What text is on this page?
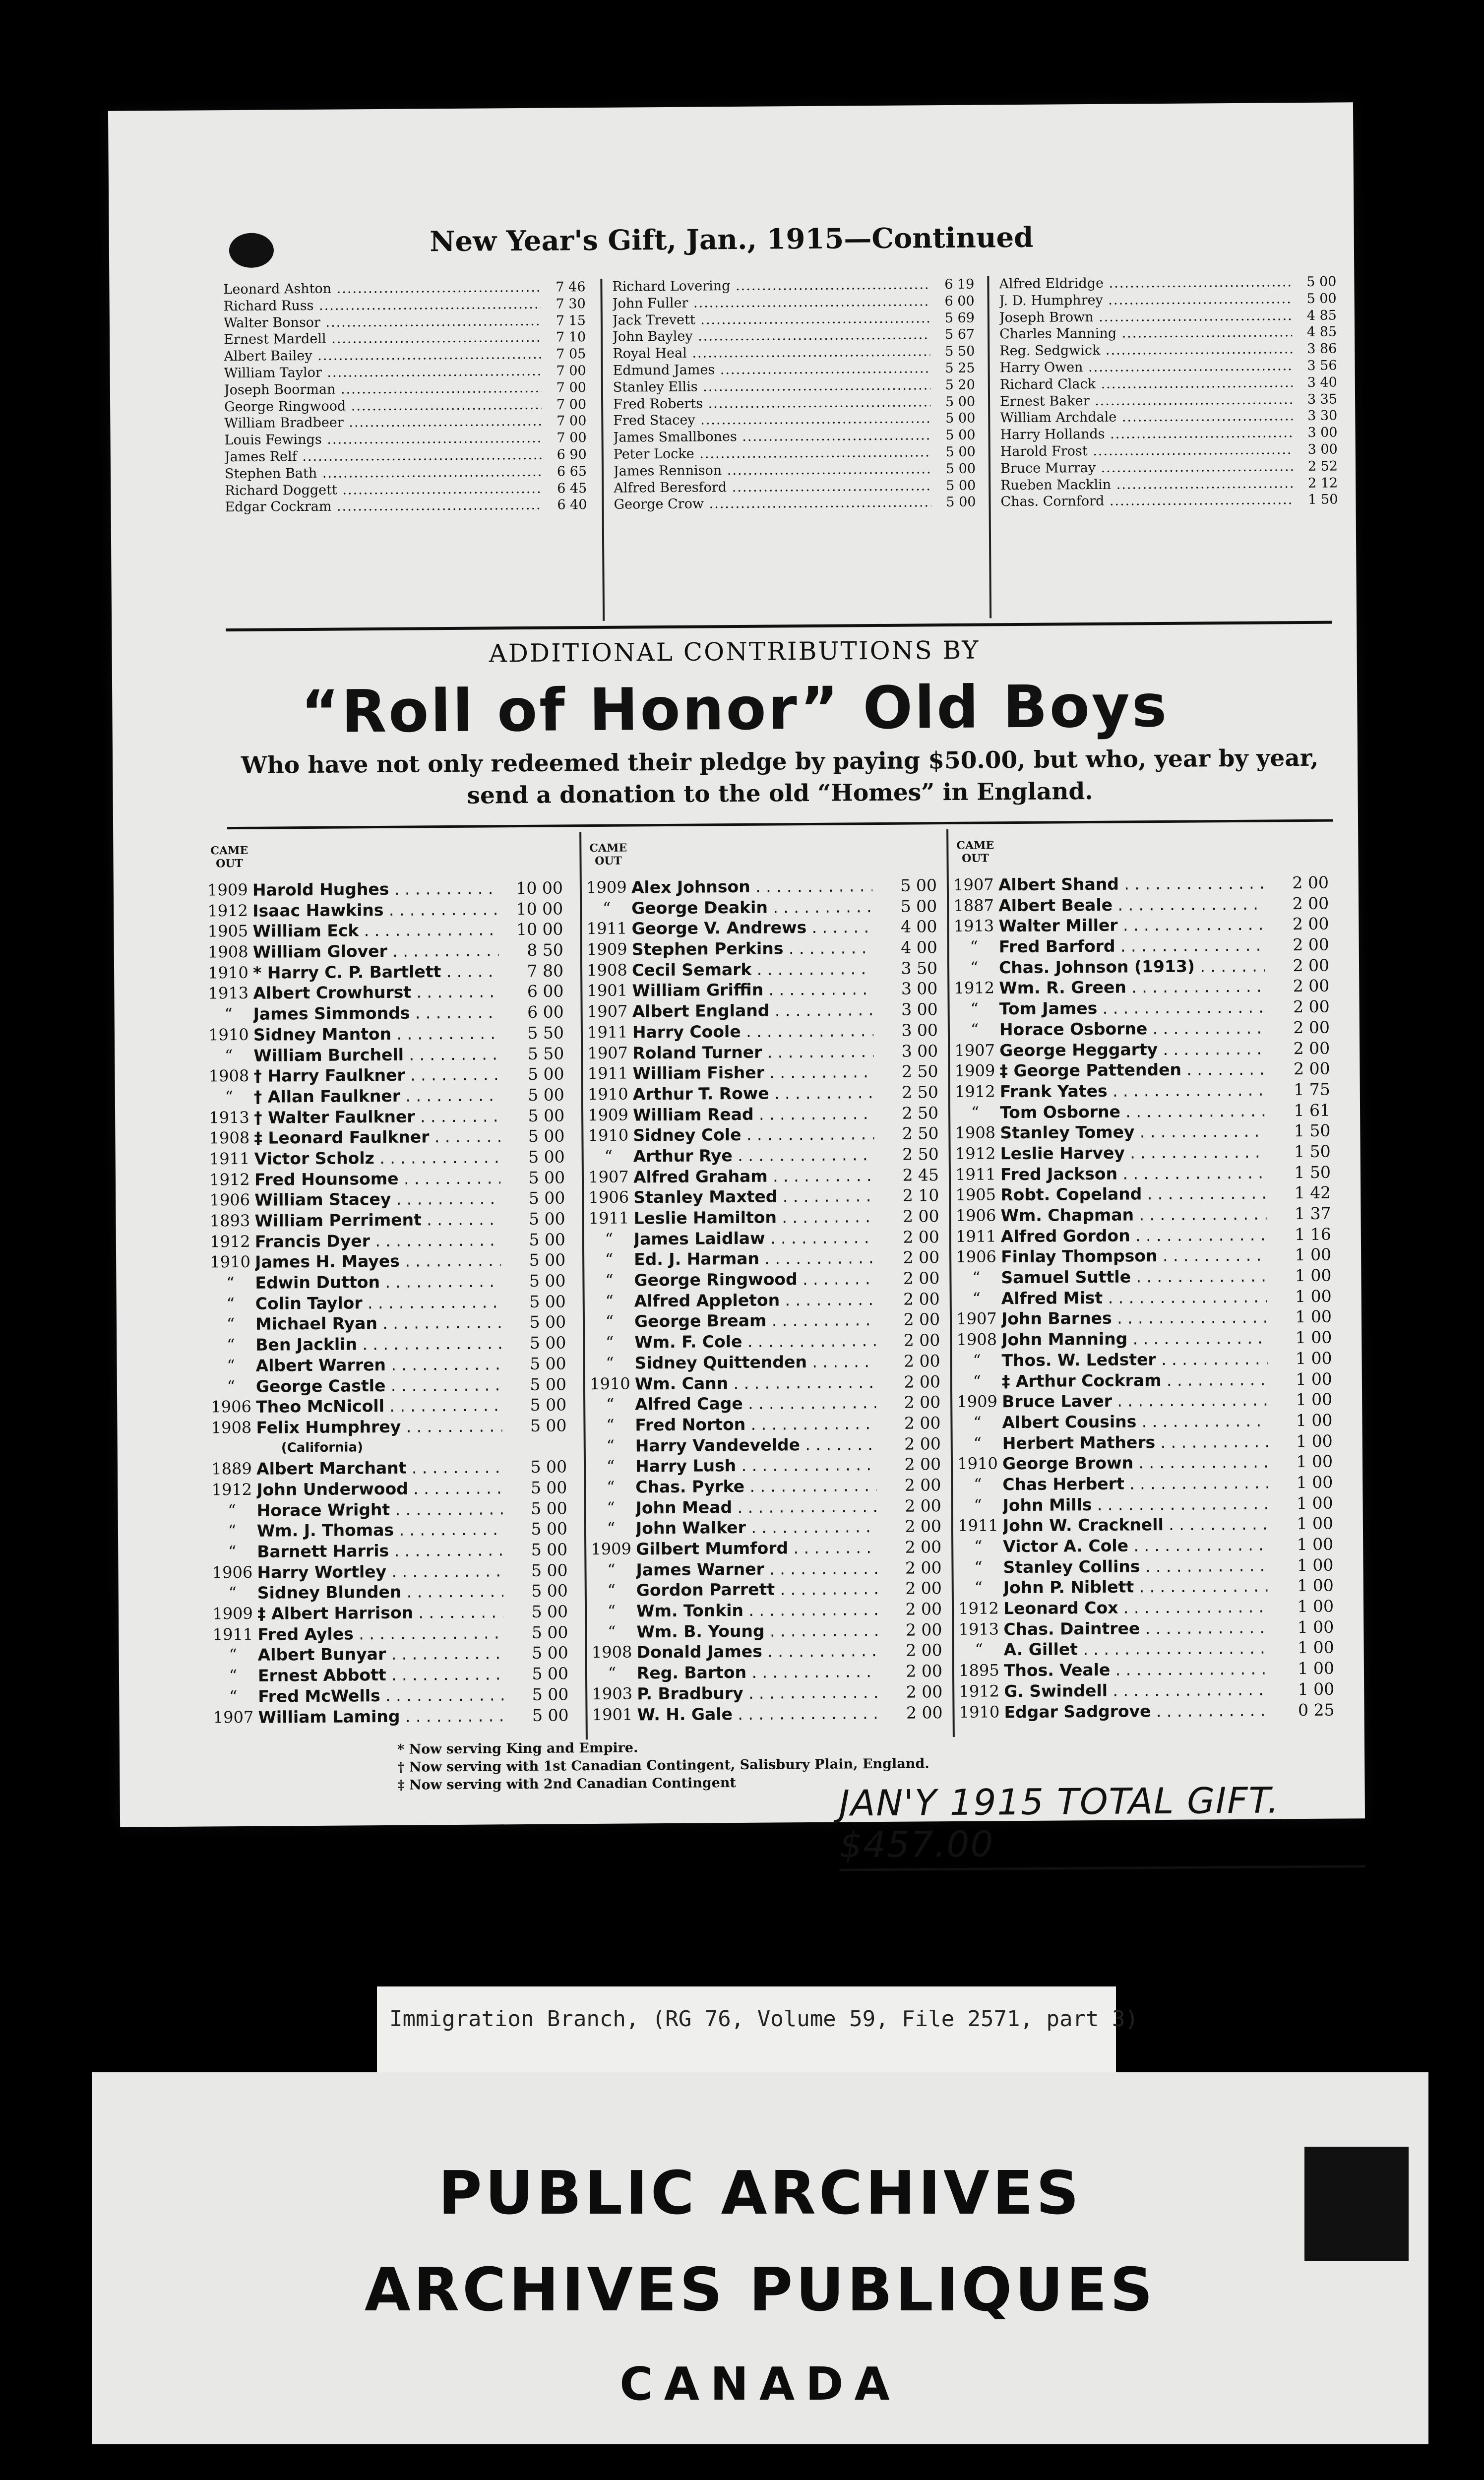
New Year's Gift, Jan., 1915—Continued
Leonard Ashton .....	7 46
Richard Russ .....	7 30
Walter Bonsor .....	7 15
Ernest Mardell .....	7 10
Albert Bailey .....	7 05
William Taylor .....	7 00
Joseph Boorman .....	7 00
George Ringwood .....	7 00
William Bradbeer .....	7 00
Louis Fewings .....	7 00
James Relf .....	6 90
Stephen Bath .....	6 65
Richard Doggett .....	6 45
Edgar Cockram .....	6 40
Richard Lovering .....	6 19
John Fuller .....	6 00
Jack Trevett .....	5 69
John Bayley .....	5 67
Royal Heal .....	5 50
Edmund James .....	5 25
Stanley Ellis .....	5 20
Fred Roberts .....	5 00
Fred Stacey .....	5 00
James Smallbones .....	5 00
Peter Locke .....	5 00
James Rennison .....	5 00
Alfred Beresford .....	5 00
George Crow .....	5 00
Alfred Eldridge .....	5 00
J. D. Humphrey .....	5 00
Joseph Brown .....	4 85
Charles Manning .....	4 85
Reg. Sedgwick .....	3 86
Harry Owen .....	3 56
Richard Clack .....	3 40
Ernest Baker .....	3 35
William Archdale .....	3 30
Harry Hollands .....	3 00
Harold Frost .....	3 00
Bruce Murray .....	2 52
Rueben Macklin .....	2 12
Chas. Cornford .....	1 50
ADDITIONAL CONTRIBUTIONS BY
“Roll of Honor” Old Boys
Who have not only redeemed their pledge by paying $50.00, but who, year by year, send a donation to the old “Homes” in England.
CAME
OUT
1909 Harold Hughes . . .	10 00
1912 Isaac Hawkins . . .	10 00
1905 William Eck . . .	10 00
1908 William Glover . . .	8 50
1910 * Harry C. P. Bartlett . . .	7 80
1913 Albert Crowhurst . . .	6 00
“	James Simmonds . . .	6 00
1910 Sidney Manton . . .	5 50
“	William Burchell . . .	5 50
1908 † Harry Faulkner . . .	5 00
“	† Allan Faulkner . . .	5 00
1913 † Walter Faulkner . . .	5 00
1908 ‡ Leonard Faulkner . . .	5 00
1911 Victor Scholz . . .	5 00
1912 Fred Hounsome . . .	5 00
1906 William Stacey . . .	5 00
1893 William Perriment . . .	5 00
1912 Francis Dyer . . .	5 00
1910 James H. Mayes . . .	5 00
“	Edwin Dutton . . .	5 00
“	Colin Taylor . . .	5 00
“	Michael Ryan . . .	5 00
“	Ben Jacklin . . .	5 00
“	Albert Warren . . .	5 00
“	George Castle . . .	5 00
1906 Theo McNicoll . . .	5 00
1908 Felix Humphrey . . .	5 00
(California)
1889 Albert Marchant . . .	5 00
1912 John Underwood . . .	5 00
“	Horace Wright . . .	5 00
“	Wm. J. Thomas . . .	5 00
“	Barnett Harris . . .	5 00
1906 Harry Wortley . . .	5 00
“	Sidney Blunden . . .	5 00
1909 ‡ Albert Harrison . . .	5 00
1911 Fred Ayles . . .	5 00
“	Albert Bunyar . . .	5 00
“	Ernest Abbott . . .	5 00
“	Fred McWells . . .	5 00
1907 William Laming . . .	5 00
CAME
OUT
1909 Alex Johnson . . .	5 00
“	George Deakin . . .	5 00
1911 George V. Andrews . . .	4 00
1909 Stephen Perkins . . .	4 00
1908 Cecil Semark . . .	3 50
1901 William Griffin . . .	3 00
1907 Albert England . . .	3 00
1911 Harry Coole . . .	3 00
1907 Roland Turner . . .	3 00
1911 William Fisher . . .	2 50
1910 Arthur T. Rowe . . .	2 50
1909 William Read . . .	2 50
1910 Sidney Cole . . .	2 50
“	Arthur Rye . . .	2 50
1907 Alfred Graham . . .	2 45
1906 Stanley Maxted . . .	2 10
1911 Leslie Hamilton . . .	2 00
“	James Laidlaw . . .	2 00
“	Ed. J. Harman . . .	2 00
“	George Ringwood . . .	2 00
“	Alfred Appleton . . .	2 00
“	George Bream . . .	2 00
“	Wm. F. Cole . . .	2 00
“	Sidney Quittenden . . .	2 00
1910 Wm. Cann . . .	2 00
“	Alfred Cage . . .	2 00
“	Fred Norton . . .	2 00
“	Harry Vandevelde . . .	2 00
“	Harry Lush . . .	2 00
“	Chas. Pyrke . . .	2 00
“	John Mead . . .	2 00
“	John Walker . . .	2 00
1909 Gilbert Mumford . . .	2 00
“	James Warner . . .	2 00
“	Gordon Parrett . . .	2 00
“	Wm. Tonkin . . .	2 00
“	Wm. B. Young . . .	2 00
1908 Donald James . . .	2 00
“	Reg. Barton . . .	2 00
1903 P. Bradbury . . .	2 00
1901 W. H. Gale . . .	2 00
CAME
OUT
1907 Albert Shand . . .	2 00
1887 Albert Beale . . .	2 00
1913 Walter Miller . . .	2 00
“	Fred Barford . . .	2 00
“	Chas. Johnson (1913) . . .	2 00
1912 Wm. R. Green . . .	2 00
“	Tom James . . .	2 00
“	Horace Osborne . . .	2 00
1907 George Heggarty . . .	2 00
1909 ‡ George Pattenden . . .	2 00
1912 Frank Yates . . .	1 75
“	Tom Osborne . . .	1 61
1908 Stanley Tomey . . .	1 50
1912 Leslie Harvey . . .	1 50
1911 Fred Jackson . . .	1 50
1905 Robt. Copeland . . .	1 42
1906 Wm. Chapman . . .	1 37
1911 Alfred Gordon . . .	1 16
1906 Finlay Thompson . . .	1 00
“	Samuel Suttle . . .	1 00
“	Alfred Mist . . .	1 00
1907 John Barnes . . .	1 00
1908 John Manning . . .	1 00
“	Thos. W. Ledster . . .	1 00
“	‡ Arthur Cockram . . .	1 00
1909 Bruce Laver . . .	1 00
“	Albert Cousins . . .	1 00
“	Herbert Mathers . . .	1 00
1910 George Brown . . .	1 00
“	Chas Herbert . . .	1 00
“	John Mills . . .	1 00
1911 John W. Cracknell . . .	1 00
“	Victor A. Cole . . .	1 00
“	Stanley Collins . . .	1 00
“	John P. Niblett . . .	1 00
1912 Leonard Cox . . .	1 00
1913 Chas. Daintree . . .	1 00
“	A. Gillet . . .	1 00
1895 Thos. Veale . . .	1 00
1912 G. Swindell . . .	1 00
1910 Edgar Sadgrove . . .	0 25
* Now serving King and Empire.
† Now serving with 1st Canadian Contingent, Salisbury Plain, England.
‡ Now serving with 2nd Canadian Contingent	JAN'Y 1915 TOTAL GIFT. $457.00
Immigration Branch, (RG 76, Volume 59, File 2571, part 3)
PUBLIC ARCHIVES
ARCHIVES PUBLIQUES
CANADA
